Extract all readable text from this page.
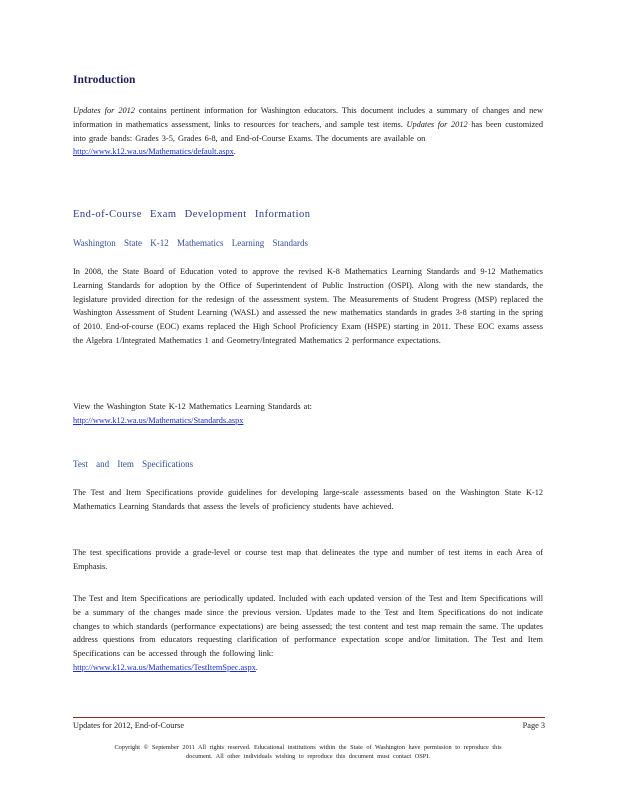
Introduction
Updates for 2012 contains pertinent information for Washington educators. This document includes a summary of changes and new information in mathematics assessment, links to resources for teachers, and sample test items. Updates for 2012 has been customized into grade bands: Grades 3-5, Grades 6-8, and End-of-Course Exams. The documents are available on
http://www.k12.wa.us/Mathematics/default.aspx.
End-of-Course Exam Development Information
Washington State K-12 Mathematics Learning Standards
In 2008, the State Board of Education voted to approve the revised K-8 Mathematics Learning Standards and 9-12 Mathematics Learning Standards for adoption by the Office of Superintendent of Public Instruction (OSPI). Along with the new standards, the legislature provided direction for the redesign of the assessment system. The Measurements of Student Progress (MSP) replaced the Washington Assessment of Student Learning (WASL) and assessed the new mathematics standards in grades 3-8 starting in the spring of 2010. End-of-course (EOC) exams replaced the High School Proficiency Exam (HSPE) starting in 2011. These EOC exams assess the Algebra 1/Integrated Mathematics 1 and Geometry/Integrated Mathematics 2 performance expectations.
View the Washington State K-12 Mathematics Learning Standards at:
http://www.k12.wa.us/Mathematics/Standards.aspx
Test and Item Specifications
The Test and Item Specifications provide guidelines for developing large-scale assessments based on the Washington State K-12 Mathematics Learning Standards that assess the levels of proficiency students have achieved.
The test specifications provide a grade-level or course test map that delineates the type and number of test items in each Area of Emphasis.
The Test and Item Specifications are periodically updated. Included with each updated version of the Test and Item Specifications will be a summary of the changes made since the previous version. Updates made to the Test and Item Specifications do not indicate changes to which standards (performance expectations) are being assessed; the test content and test map remain the same. The updates address questions from educators requesting clarification of performance expectation scope and/or limitation. The Test and Item Specifications can be accessed through the following link:
http://www.k12.wa.us/Mathematics/TestItemSpec.aspx.
Updates for 2012, End-of-Course	Page 3
Copyright © September 2011 All rights reserved. Educational institutions within the State of Washington have permission to reproduce this
document. All other individuals wishing to reproduce this document must contact OSPI.
